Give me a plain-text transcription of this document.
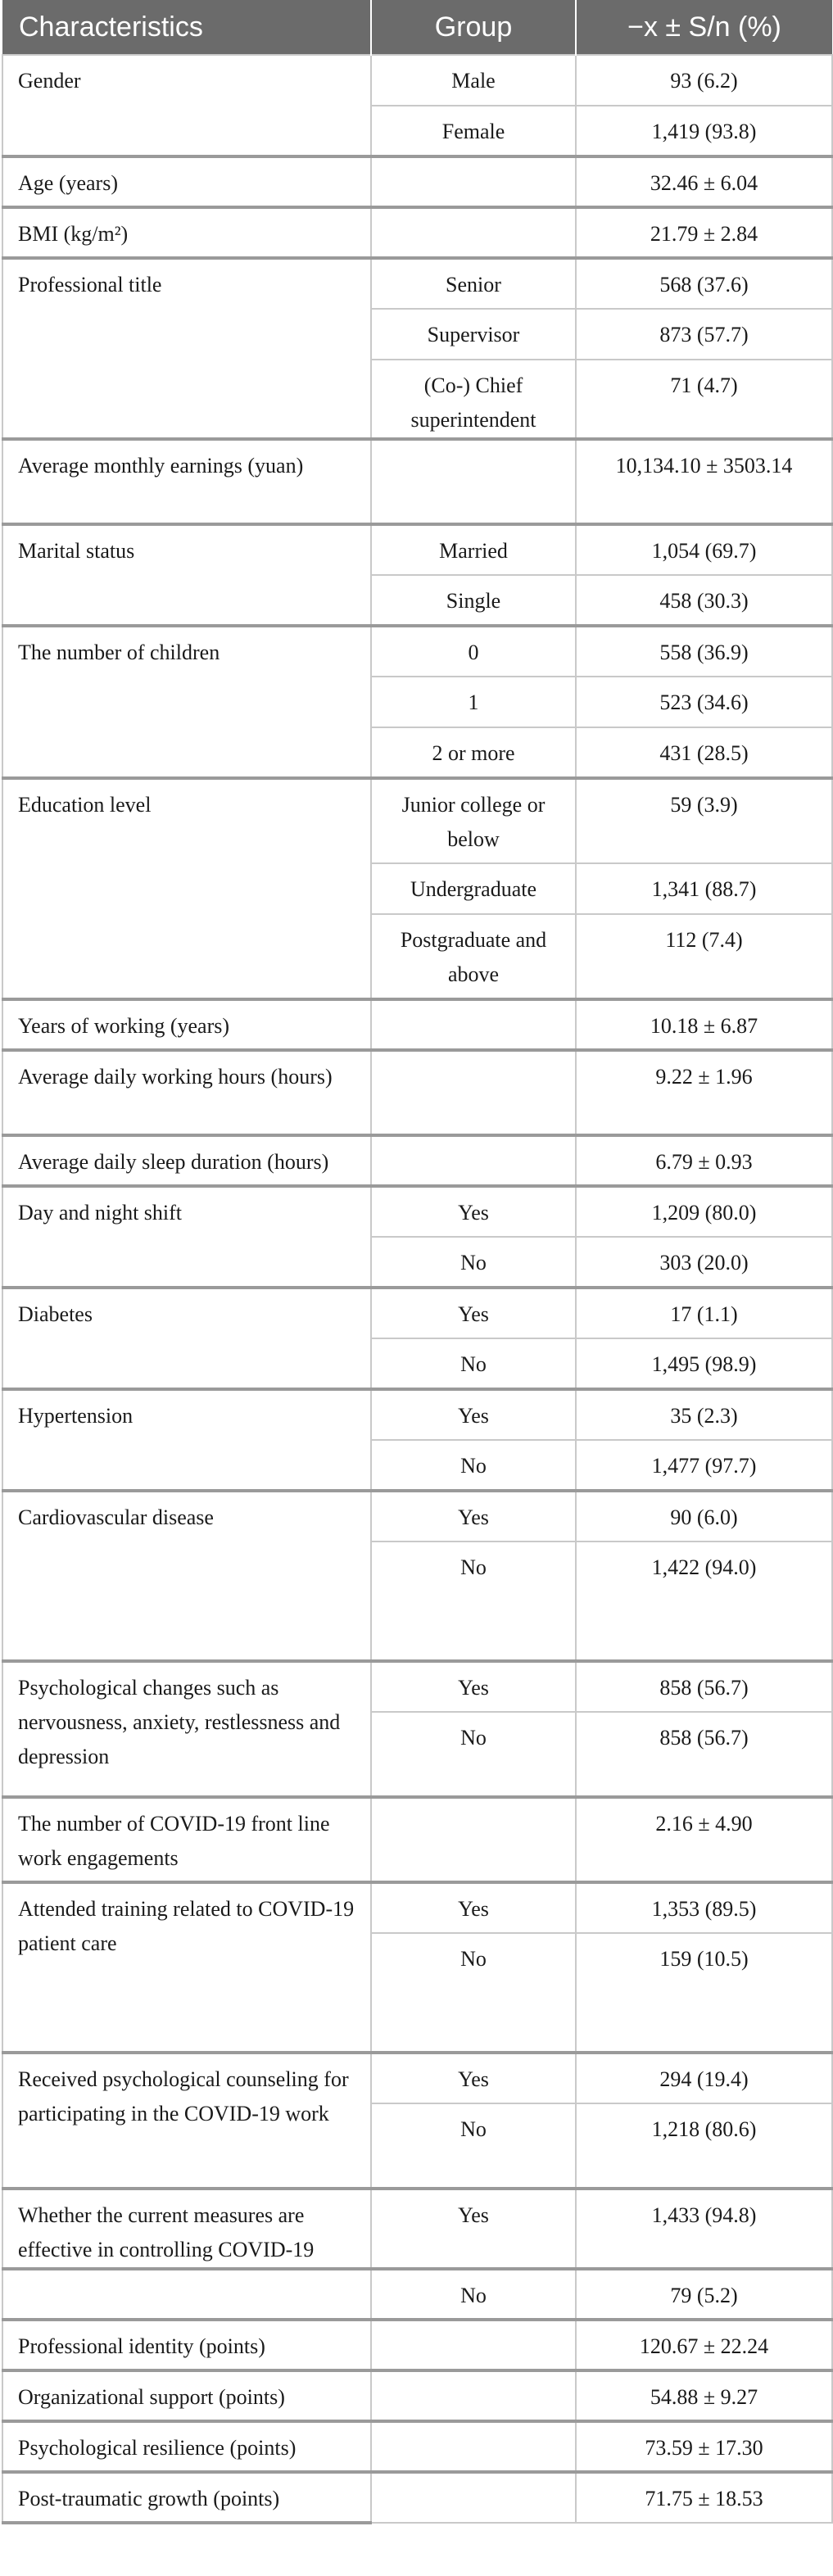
Characteristics	Group	−x ± S/n (%)
Gender	Male	93 (6.2)
	Female	1,419 (93.8)
Age (years)		32.46 ± 6.04
BMI (kg/m²)		21.79 ± 2.84
Professional title	Senior	568 (37.6)
	Supervisor	873 (57.7)
	(Co-) Chief superintendent	71 (4.7)
Average monthly earnings (yuan)		10,134.10 ± 3503.14
Marital status	Married	1,054 (69.7)
	Single	458 (30.3)
The number of children	0	558 (36.9)
	1	523 (34.6)
	2 or more	431 (28.5)
Education level	Junior college or below	59 (3.9)
	Undergraduate	1,341 (88.7)
	Postgraduate and above	112 (7.4)
Years of working (years)		10.18 ± 6.87
Average daily working hours (hours)		9.22 ± 1.96
Average daily sleep duration (hours)		6.79 ± 0.93
Day and night shift	Yes	1,209 (80.0)
	No	303 (20.0)
Diabetes	Yes	17 (1.1)
	No	1,495 (98.9)
Hypertension	Yes	35 (2.3)
	No	1,477 (97.7)
Cardiovascular disease	Yes	90 (6.0)
	No	1,422 (94.0)
Psychological changes such as nervousness, anxiety, restlessness and depression	Yes	858 (56.7)
	No	858 (56.7)
The number of COVID-19 front line work engagements		2.16 ± 4.90
Attended training related to COVID-19 patient care	Yes	1,353 (89.5)
	No	159 (10.5)
Received psychological counseling for participating in the COVID-19 work	Yes	294 (19.4)
	No	1,218 (80.6)
Whether the current measures are effective in controlling COVID-19	Yes	1,433 (94.8)
	No	79 (5.2)
Professional identity (points)		120.67 ± 22.24
Organizational support (points)		54.88 ± 9.27
Psychological resilience (points)		73.59 ± 17.30
Post-traumatic growth (points)		71.75 ± 18.53
